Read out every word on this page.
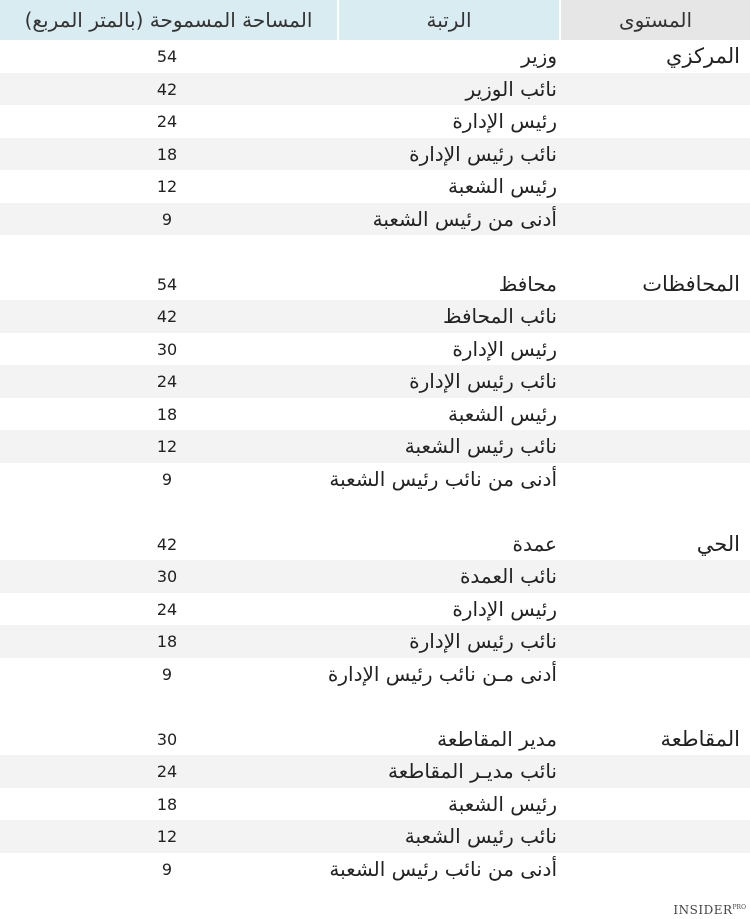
المساحة المسموحة (بالمتر المربع)	الرتبة	المستوى
المركزي
وزير
54
نائب الوزير
42
رئيس الإدارة
24
نائب رئيس الإدارة
18
رئيس الشعبة
12
أدنى من رئيس الشعبة
9
المحافظات
محافظ
54
نائب المحافظ
42
رئيس الإدارة
30
نائب رئيس الإدارة
24
رئيس الشعبة
18
نائب رئيس الشعبة
12
أدنى من نائب رئيس الشعبة
9
الحي
عمدة
42
نائب العمدة
30
رئيس الإدارة
24
نائب رئيس الإدارة
18
أدنى مـن نائب رئيس الإدارة
9
المقاطعة
مدير المقاطعة
30
نائب مديـر المقاطعة
24
رئيس الشعبة
18
نائب رئيس الشعبة
12
أدنى من نائب رئيس الشعبة
9
$INSIDER^{PRO}$
